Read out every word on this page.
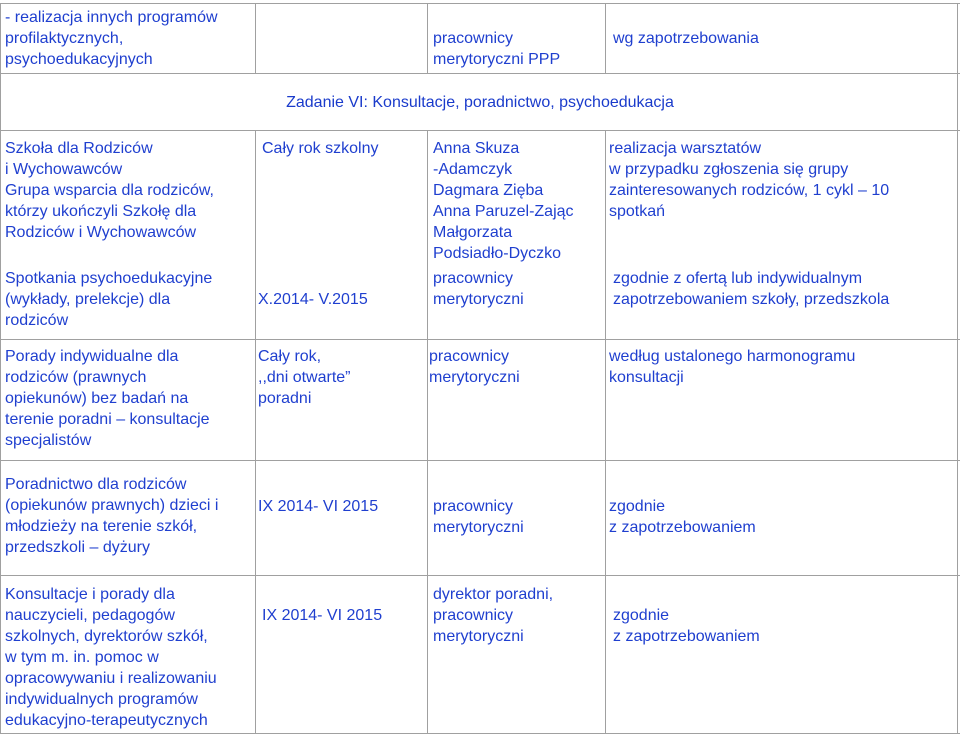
- realizacja innych programów
profilaktycznych,
psychoedukacyjnych
pracownicy
merytoryczni PPP
wg zapotrzebowania
Zadanie VI: Konsultacje, poradnictwo, psychoedukacja
Szkoła dla Rodziców
i Wychowawców
Grupa wsparcia dla rodziców,
którzy ukończyli Szkołę dla
Rodziców i Wychowawców
Spotkania psychoedukacyjne
(wykłady, prelekcje) dla
rodziców
Cały rok szkolny
X.2014- V.2015
Anna Skuza
-Adamczyk
Dagmara Zięba
Anna Paruzel-Zając
Małgorzata
Podsiadło-Dyczko
pracownicy
merytoryczni
realizacja warsztatów
w przypadku zgłoszenia się grupy
zainteresowanych rodziców, 1 cykl – 10
spotkań
zgodnie z ofertą lub indywidualnym
zapotrzebowaniem szkoły, przedszkola
Porady indywidualne dla
rodziców (prawnych
opiekunów) bez badań na
terenie poradni – konsultacje
specjalistów
Cały rok,
,,dni otwarte”
poradni
pracownicy
merytoryczni
według ustalonego harmonogramu
konsultacji
Poradnictwo dla rodziców
(opiekunów prawnych) dzieci i
młodzieży na terenie szkół,
przedszkoli – dyżury
IX 2014- VI 2015	pracownicy
merytoryczni
zgodnie
z zapotrzebowaniem
Konsultacje i porady dla
nauczycieli, pedagogów
szkolnych, dyrektorów szkół,
w tym m. in. pomoc w
opracowywaniu i realizowaniu
indywidualnych programów
edukacyjno-terapeutycznych
IX 2014- VI 2015
dyrektor poradni,
pracownicy
merytoryczni
zgodnie
z zapotrzebowaniem
